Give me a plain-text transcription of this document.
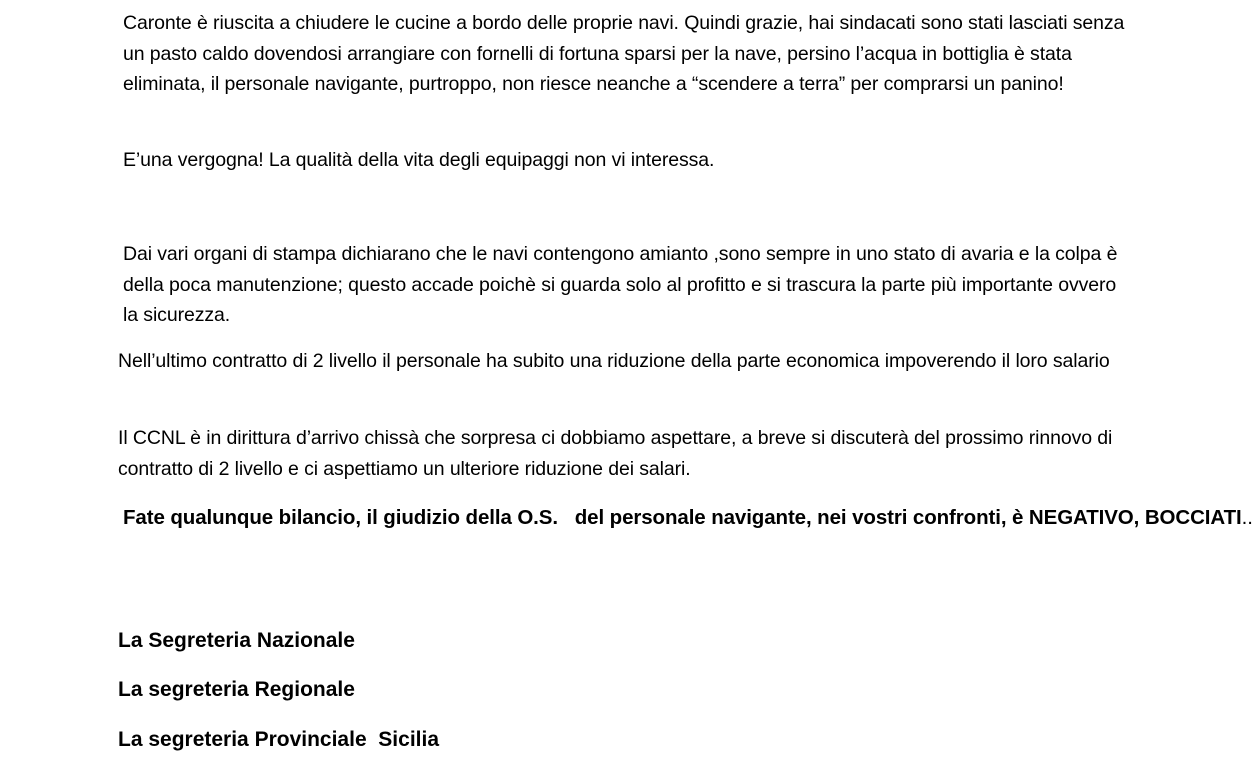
Caronte è riuscita a chiudere le cucine a bordo delle proprie navi. Quindi grazie, hai sindacati sono stati lasciati senza un pasto caldo dovendosi arrangiare con fornelli di fortuna sparsi per la nave, persino l’acqua in bottiglia è stata eliminata, il personale navigante, purtroppo, non riesce neanche a “scendere a terra” per comprarsi un panino!

E’una vergogna! La qualità della vita degli equipaggi non vi interessa.

Dai vari organi di stampa dichiarano che le navi contengono amianto ,sono sempre in uno stato di avaria e la colpa è della poca manutenzione; questo accade poichè si guarda solo al profitto e si trascura la parte più importante ovvero la sicurezza.

Nell’ultimo contratto di 2 livello il personale ha subito una riduzione della parte economica impoverendo il loro salario

Il CCNL è in dirittura d’arrivo chissà che sorpresa ci dobbiamo aspettare, a breve si discuterà del prossimo rinnovo di contratto di 2 livello e ci aspettiamo un ulteriore riduzione dei salari.

Fate qualunque bilancio, il giudizio della O.S.   del personale navigante, nei vostri confronti, è NEGATIVO, BOCCIATI..

La Segreteria Nazionale

La segreteria Regionale

La segreteria Provinciale  Sicilia
